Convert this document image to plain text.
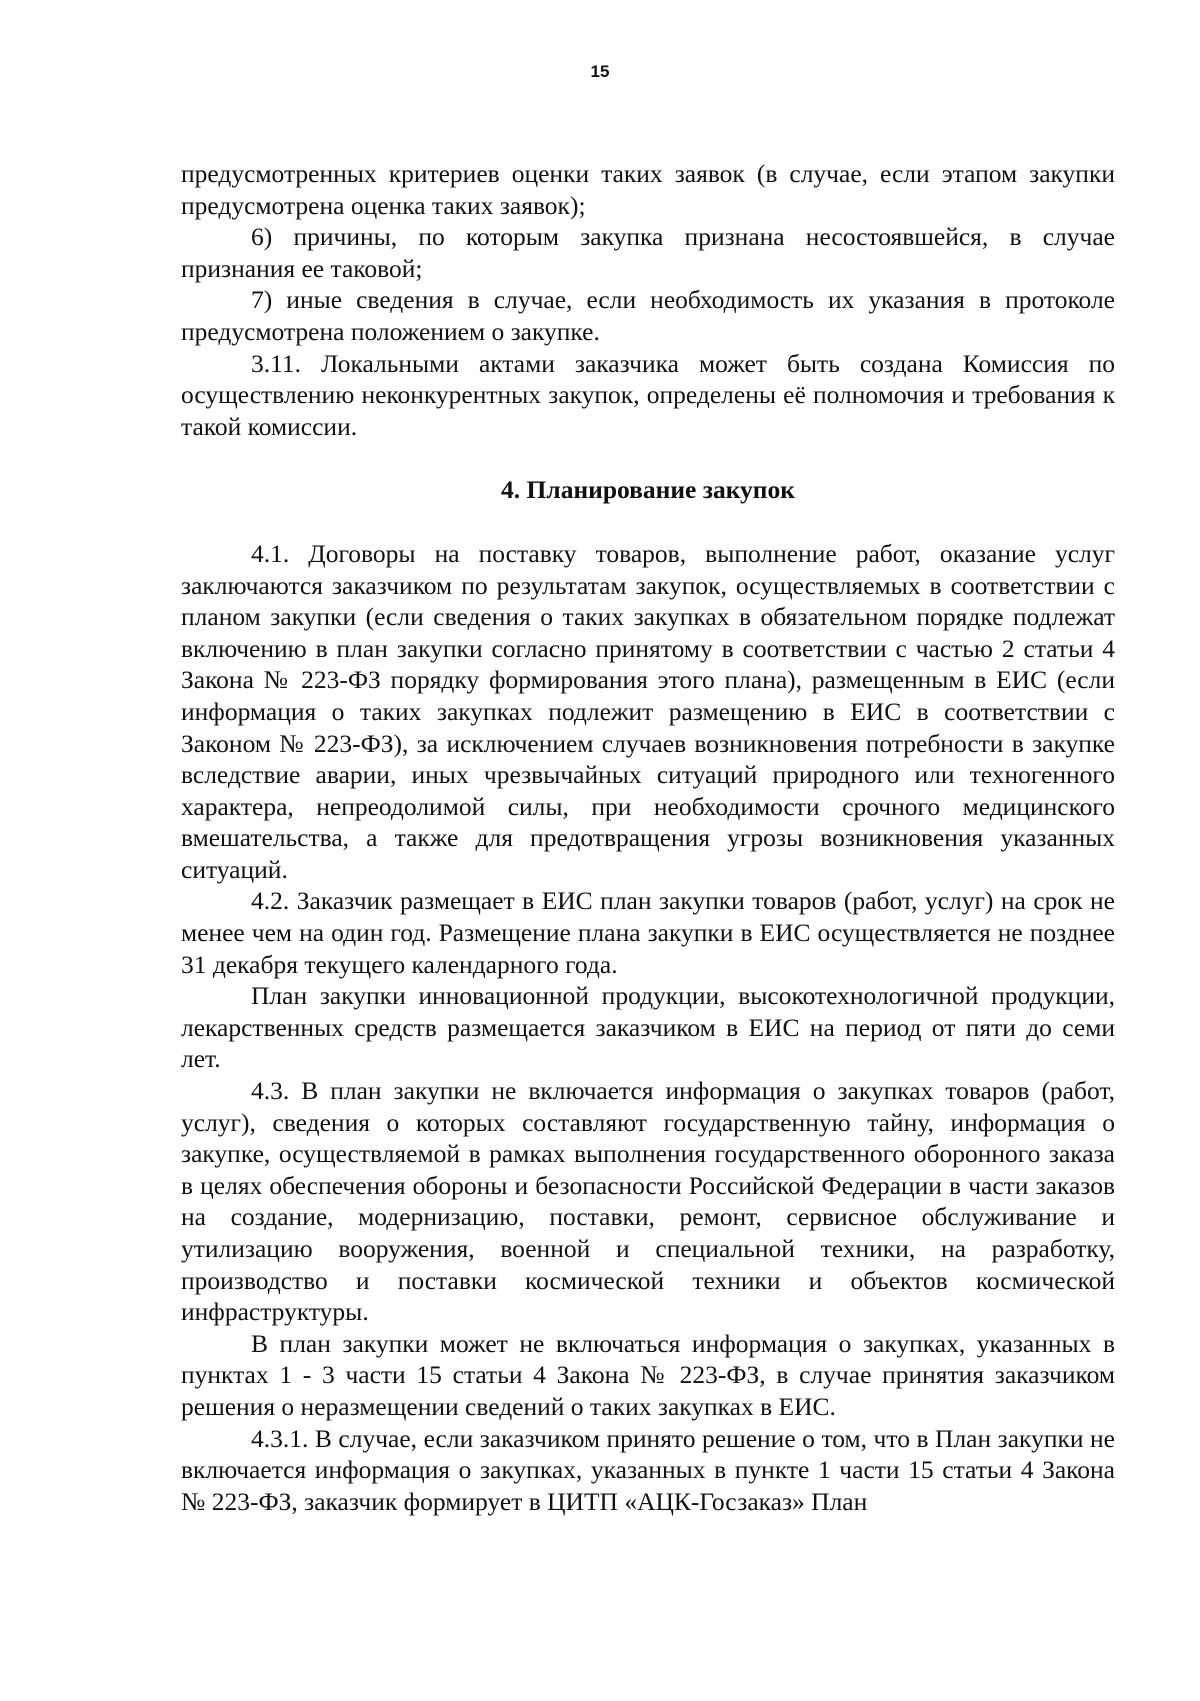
15

предусмотренных критериев оценки таких заявок (в случае, если этапом закупки предусмотрена оценка таких заявок);

6) причины, по которым закупка признана несостоявшейся, в случае признания ее таковой;

7) иные сведения в случае, если необходимость их указания в протоколе предусмотрена положением о закупке.

3.11. Локальными актами заказчика может быть создана Комиссия по осуществлению неконкурентных закупок, определены её полномочия и требования к такой комиссии.

4. Планирование закупок

4.1. Договоры на поставку товаров, выполнение работ, оказание услуг заключаются заказчиком по результатам закупок, осуществляемых в соответствии с планом закупки (если сведения о таких закупках в обязательном порядке подлежат включению в план закупки согласно принятому в соответствии с частью 2 статьи 4 Закона № 223-ФЗ порядку формирования этого плана), размещенным в ЕИС (если информация о таких закупках подлежит размещению в ЕИС в соответствии с Законом № 223-ФЗ), за исключением случаев возникновения потребности в закупке вследствие аварии, иных чрезвычайных ситуаций природного или техногенного характера, непреодолимой силы, при необходимости срочного медицинского вмешательства, а также для предотвращения угрозы возникновения указанных ситуаций.

4.2. Заказчик размещает в ЕИС план закупки товаров (работ, услуг) на срок не менее чем на один год. Размещение плана закупки в ЕИС осуществляется не позднее 31 декабря текущего календарного года.

План закупки инновационной продукции, высокотехнологичной продукции, лекарственных средств размещается заказчиком в ЕИС на период от пяти до семи лет.

4.3. В план закупки не включается информация о закупках товаров (работ, услуг), сведения о которых составляют государственную тайну, информация о закупке, осуществляемой в рамках выполнения государственного оборонного заказа в целях обеспечения обороны и безопасности Российской Федерации в части заказов на создание, модернизацию, поставки, ремонт, сервисное обслуживание и утилизацию вооружения, военной и специальной техники, на разработку, производство и поставки космической техники и объектов космической инфраструктуры.

В план закупки может не включаться информация о закупках, указанных в пунктах 1 - 3 части 15 статьи 4 Закона № 223-ФЗ, в случае принятия заказчиком решения о неразмещении сведений о таких закупках в ЕИС.

4.3.1. В случае, если заказчиком принято решение о том, что в План закупки не включается информация о закупках, указанных в пункте 1 части 15 статьи 4 Закона № 223-ФЗ, заказчик формирует в ЦИТП «АЦК-Госзаказ» План
